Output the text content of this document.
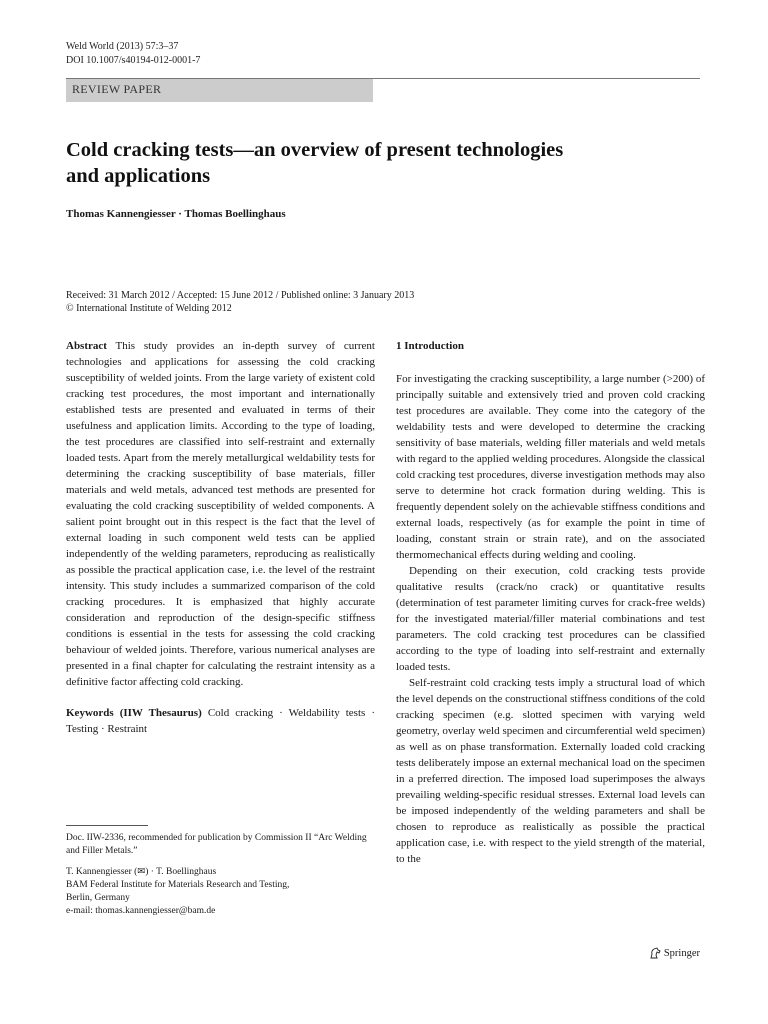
Weld World (2013) 57:3–37
DOI 10.1007/s40194-012-0001-7
REVIEW PAPER
Cold cracking tests—an overview of present technologies
and applications
Thomas Kannengiesser · Thomas Boellinghaus
Received: 31 March 2012 / Accepted: 15 June 2012 / Published online: 3 January 2013
© International Institute of Welding 2012

Abstract This study provides an in-depth survey of current technologies and applications for assessing the cold cracking susceptibility of welded joints. From the large variety of existent cold cracking test procedures, the most important and internationally established tests are presented and evaluated in terms of their usefulness and application limits. According to the type of loading, the test procedures are classified into self-restraint and externally loaded tests. Apart from the merely metallurgical weldability tests for determining the cracking susceptibility of base materials, filler materials and weld metals, advanced test methods are presented for evaluating the cold cracking susceptibility of welded components. A salient point brought out in this respect is the fact that the level of external loading in such component weld tests can be applied independently of the welding parameters, reproducing as realistically as possible the practical application case, i.e. the level of the restraint intensity. This study includes a summarized comparison of the cold cracking procedures. It is emphasized that highly accurate consideration and reproduction of the design-specific stiffness conditions is essential in the tests for assessing the cold cracking behaviour of welded joints. Therefore, various numerical analyses are presented in a final chapter for calculating the restraint intensity as a definitive factor affecting cold cracking.

Keywords (IIW Thesaurus) Cold cracking · Weldability tests · Testing · Restraint

Doc. IIW-2336, recommended for publication by Commission II “Arc Welding and Filler Metals.”
T. Kannengiesser (✉) · T. Boellinghaus
BAM Federal Institute for Materials Research and Testing,
Berlin, Germany
e-mail: thomas.kannengiesser@bam.de

1 Introduction

For investigating the cracking susceptibility, a large number (>200) of principally suitable and extensively tried and proven cold cracking test procedures are available. They come into the category of the weldability tests and were developed to determine the cracking sensitivity of base materials, welding filler materials and weld metals with regard to the applied welding procedures. Alongside the classical cold cracking test procedures, diverse investigation methods may also serve to determine hot crack formation during welding. This is frequently dependent solely on the achievable stiffness conditions and external loads, respectively (as for example the point in time of loading, constant strain or strain rate), and on the associated thermomechanical effects during welding and cooling.

Depending on their execution, cold cracking tests provide qualitative results (crack/no crack) or quantitative results (determination of test parameter limiting curves for crack-free welds) for the investigated material/filler material combinations and test parameters. The cold cracking test procedures can be classified according to the type of loading into self-restraint and externally loaded tests.

Self-restraint cold cracking tests imply a structural load of which the level depends on the constructional stiffness conditions of the cold cracking specimen (e.g. slotted specimen with varying weld geometry, overlay weld specimen and circumferential weld specimen) as well as on phase transformation. Externally loaded cold cracking tests deliberately impose an external mechanical load on the specimen in a preferred direction. The imposed load superimposes the always prevailing welding-specific residual stresses. External load levels can be imposed independently of the welding parameters and shall be chosen to reproduce as realistically as possible the practical application case, i.e. with respect to the yield strength of the material, to the

Springer
